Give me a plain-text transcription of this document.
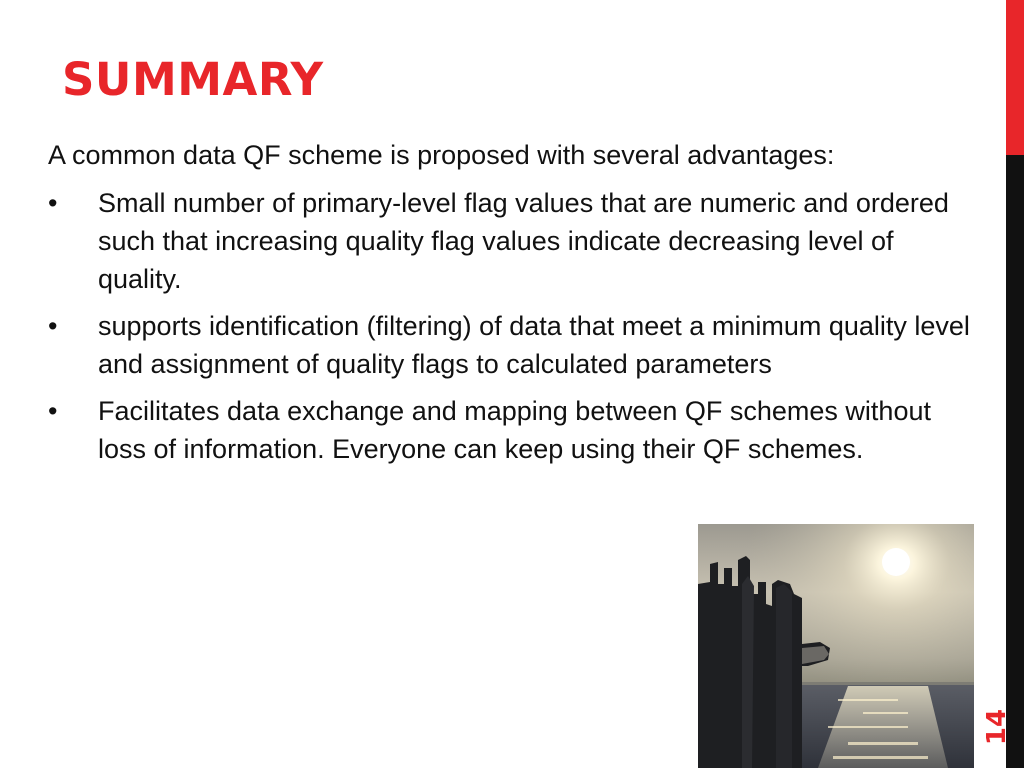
SUMMARY

A common data QF scheme is proposed with several advantages:

• Small number of primary-level flag values that are numeric and ordered such that increasing quality flag values indicate decreasing level of quality.
• supports identification (filtering) of data that meet a minimum quality level and assignment of quality flags to calculated parameters
• Facilitates data exchange and mapping between QF schemes without loss of information. Everyone can keep using their QF schemes.
14
